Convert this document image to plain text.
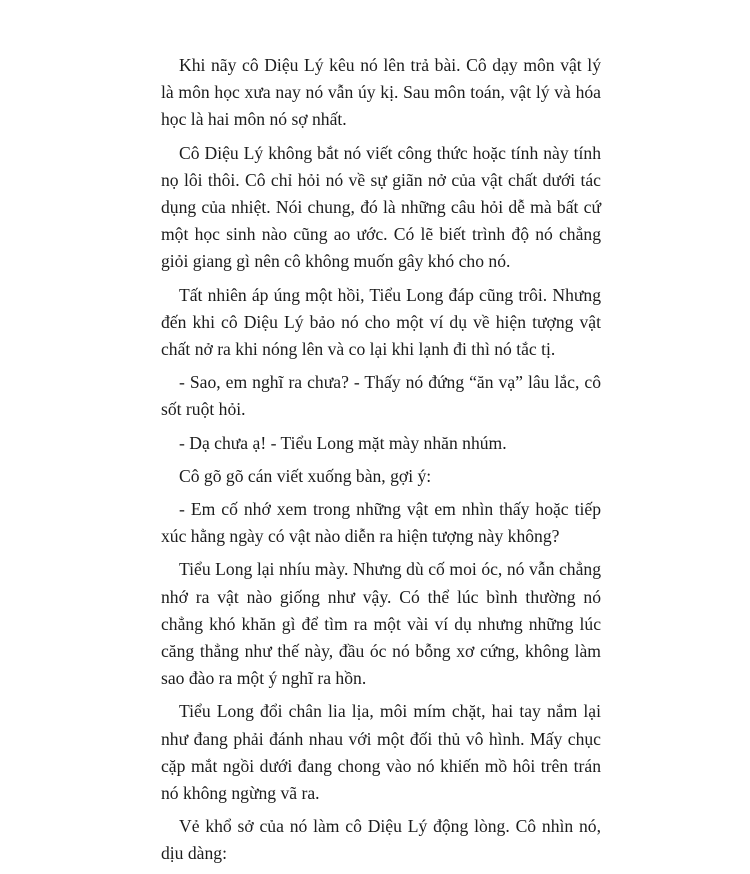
Khi nãy cô Diệu Lý kêu nó lên trả bài. Cô dạy môn vật lý là môn học xưa nay nó vẫn úy kị. Sau môn toán, vật lý và hóa học là hai môn nó sợ nhất.

Cô Diệu Lý không bắt nó viết công thức hoặc tính này tính nọ lôi thôi. Cô chỉ hỏi nó về sự giãn nở của vật chất dưới tác dụng của nhiệt. Nói chung, đó là những câu hỏi dễ mà bất cứ một học sinh nào cũng ao ước. Có lẽ biết trình độ nó chẳng giỏi giang gì nên cô không muốn gây khó cho nó.

Tất nhiên áp úng một hồi, Tiểu Long đáp cũng trôi. Nhưng đến khi cô Diệu Lý bảo nó cho một ví dụ về hiện tượng vật chất nở ra khi nóng lên và co lại khi lạnh đi thì nó tắc tị.

- Sao, em nghĩ ra chưa? - Thấy nó đứng “ăn vạ” lâu lắc, cô sốt ruột hỏi.

- Dạ chưa ạ! - Tiểu Long mặt mày nhăn nhúm.

Cô gõ gõ cán viết xuống bàn, gợi ý:

- Em cố nhớ xem trong những vật em nhìn thấy hoặc tiếp xúc hằng ngày có vật nào diễn ra hiện tượng này không?

Tiểu Long lại nhíu mày. Nhưng dù cố moi óc, nó vẫn chẳng nhớ ra vật nào giống như vậy. Có thể lúc bình thường nó chẳng khó khăn gì để tìm ra một vài ví dụ nhưng những lúc căng thẳng như thế này, đầu óc nó bỗng xơ cứng, không làm sao đào ra một ý nghĩ ra hồn.

Tiểu Long đổi chân lia lịa, môi mím chặt, hai tay nắm lại như đang phải đánh nhau với một đối thủ vô hình. Mấy chục cặp mắt ngồi dưới đang chong vào nó khiến mồ hôi trên trán nó không ngừng vã ra.

Vẻ khổ sở của nó làm cô Diệu Lý động lòng. Cô nhìn nó, dịu dàng:
